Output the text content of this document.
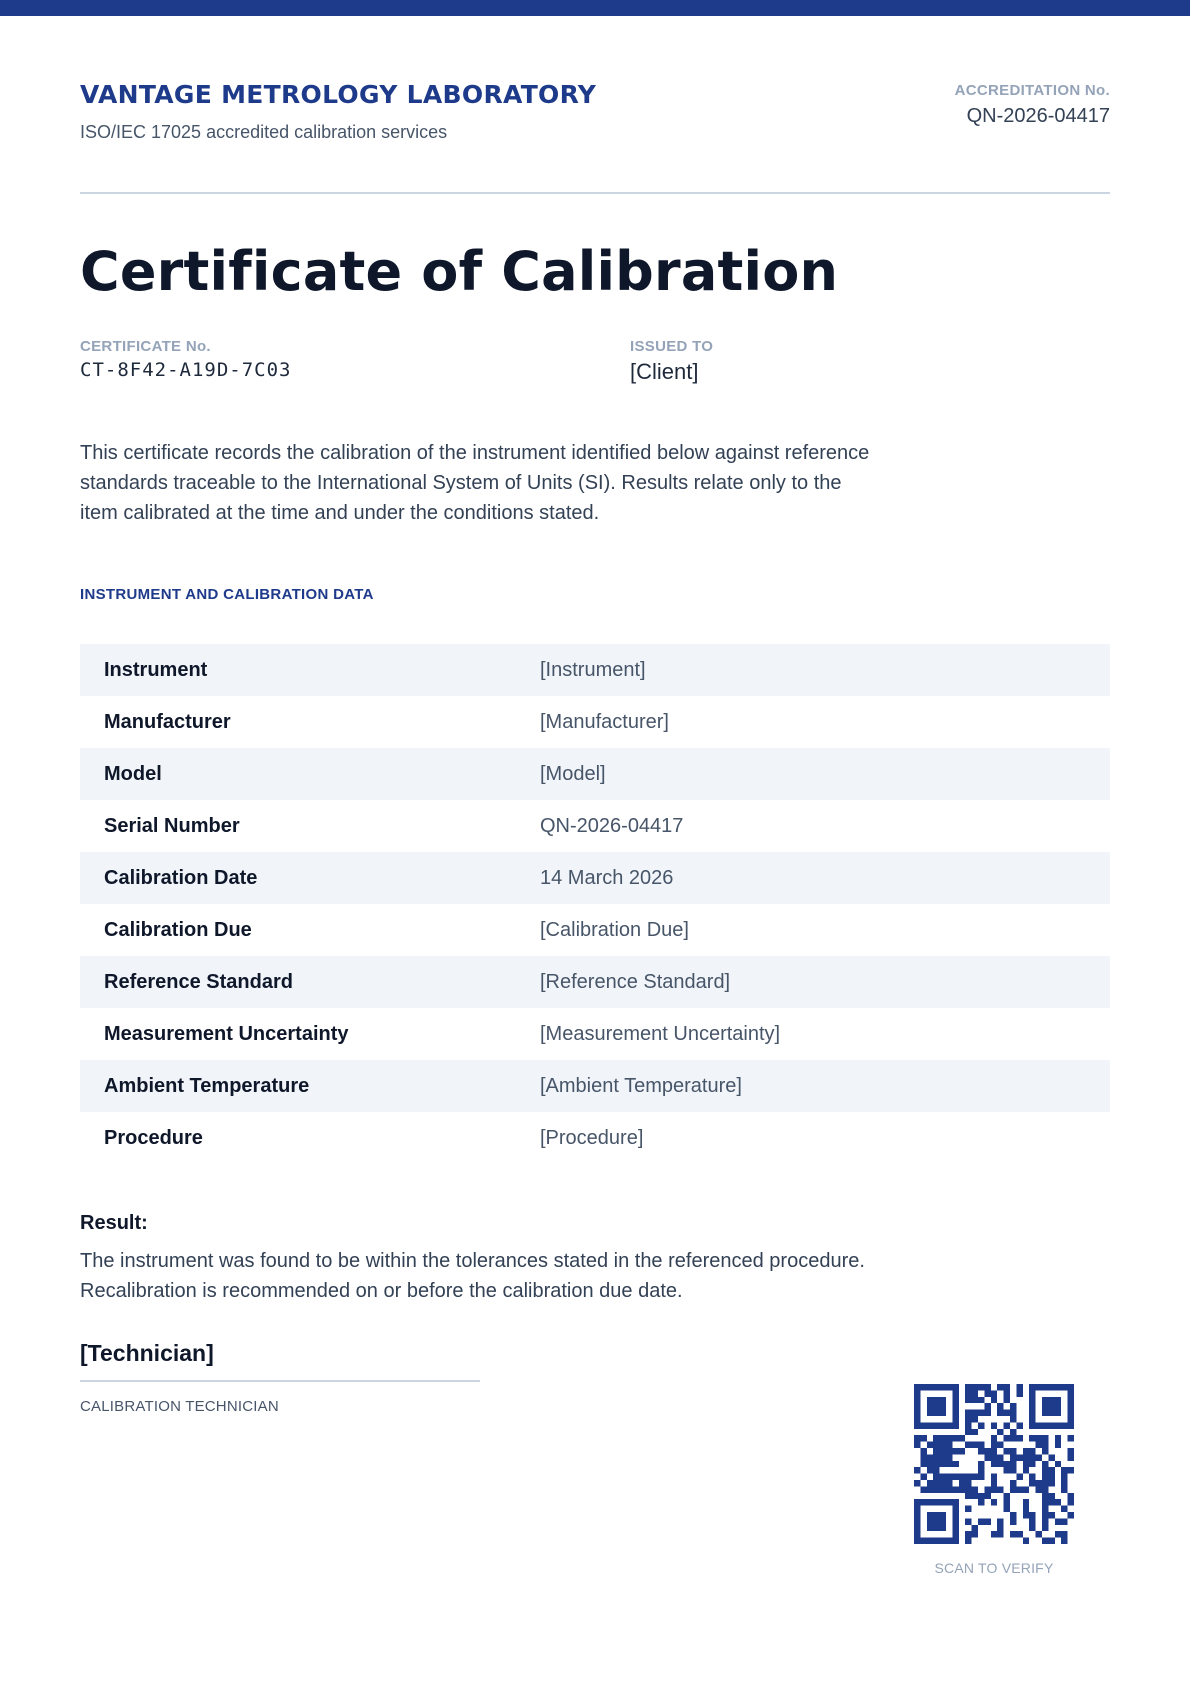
VANTAGE METROLOGY LABORATORY
ISO/IEC 17025 accredited calibration services
ACCREDITATION No.
QN-2026-04417
Certificate of Calibration
CERTIFICATE No.
CT-8F42-A19D-7C03
ISSUED TO
[Client]
This certificate records the calibration of the instrument identified below against reference standards traceable to the International System of Units (SI). Results relate only to the item calibrated at the time and under the conditions stated.
INSTRUMENT AND CALIBRATION DATA
Instrument	[Instrument]
Manufacturer	[Manufacturer]
Model	[Model]
Serial Number	QN-2026-04417
Calibration Date	14 March 2026
Calibration Due	[Calibration Due]
Reference Standard	[Reference Standard]
Measurement Uncertainty	[Measurement Uncertainty]
Ambient Temperature	[Ambient Temperature]
Procedure	[Procedure]
Result:
The instrument was found to be within the tolerances stated in the referenced procedure. Recalibration is recommended on or before the calibration due date.
[Technician]
CALIBRATION TECHNICIAN
SCAN TO VERIFY
